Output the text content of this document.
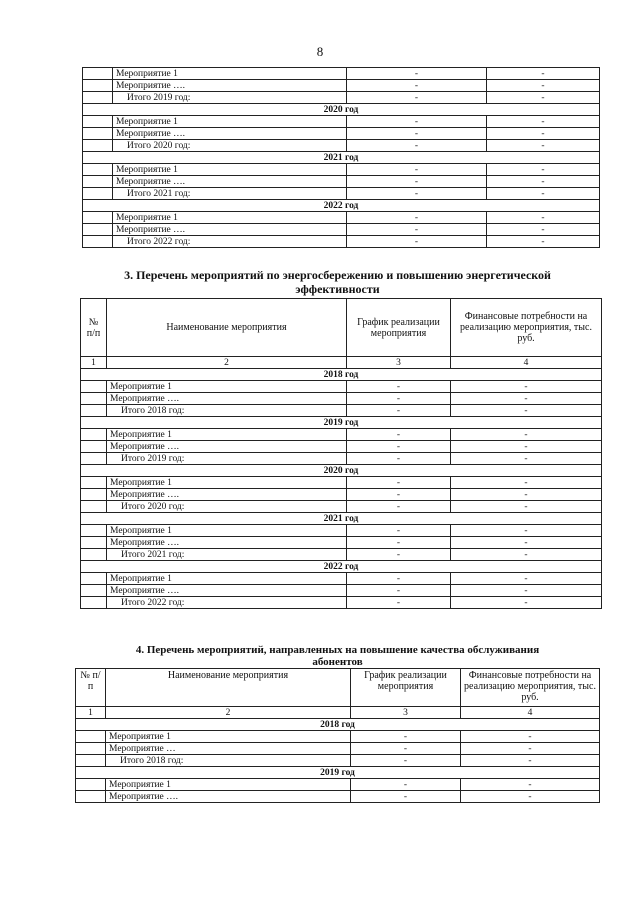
8
	Мероприятие 1	-	-
	Мероприятие ….	-	-
	Итого 2019 год:	-	-
2020 год			
	Мероприятие 1	-	-
	Мероприятие ….	-	-
	Итого 2020 год:	-	-
2021 год			
	Мероприятие 1	-	-
	Мероприятие ….	-	-
	Итого 2021 год:	-	-
2022 год			
	Мероприятие 1	-	-
	Мероприятие ….	-	-
	Итого 2022 год:	-	-
3. Перечень мероприятий по энергосбережению и повышению энергетической
эффективности
№ п/п	Наименование мероприятия	График реализации мероприятия	Финансовые потребности на реализацию мероприятия, тыс. руб.
1	2	3	4
2018 год			
	Мероприятие 1	-	-
	Мероприятие ….	-	-
	Итого 2018 год:	-	-
2019 год			
	Мероприятие 1	-	-
	Мероприятие ….	-	-
	Итого 2019 год:	-	-
2020 год			
	Мероприятие 1	-	-
	Мероприятие ….	-	-
	Итого 2020 год:	-	-
2021 год			
	Мероприятие 1	-	-
	Мероприятие ….	-	-
	Итого 2021 год:	-	-
2022 год			
	Мероприятие 1	-	-
	Мероприятие ….	-	-
	Итого 2022 год:	-	-
4. Перечень мероприятий, направленных на повышение качества обслуживания
абонентов
№ п/п	Наименование мероприятия	График реализации мероприятия	Финансовые потребности на реализацию мероприятия, тыс. руб.
1	2	3	4
2018 год			
	Мероприятие 1	-	-
	Мероприятие …	-	-
	Итого 2018 год:	-	-
2019 год			
	Мероприятие 1	-	-
	Мероприятие ….	-	-
